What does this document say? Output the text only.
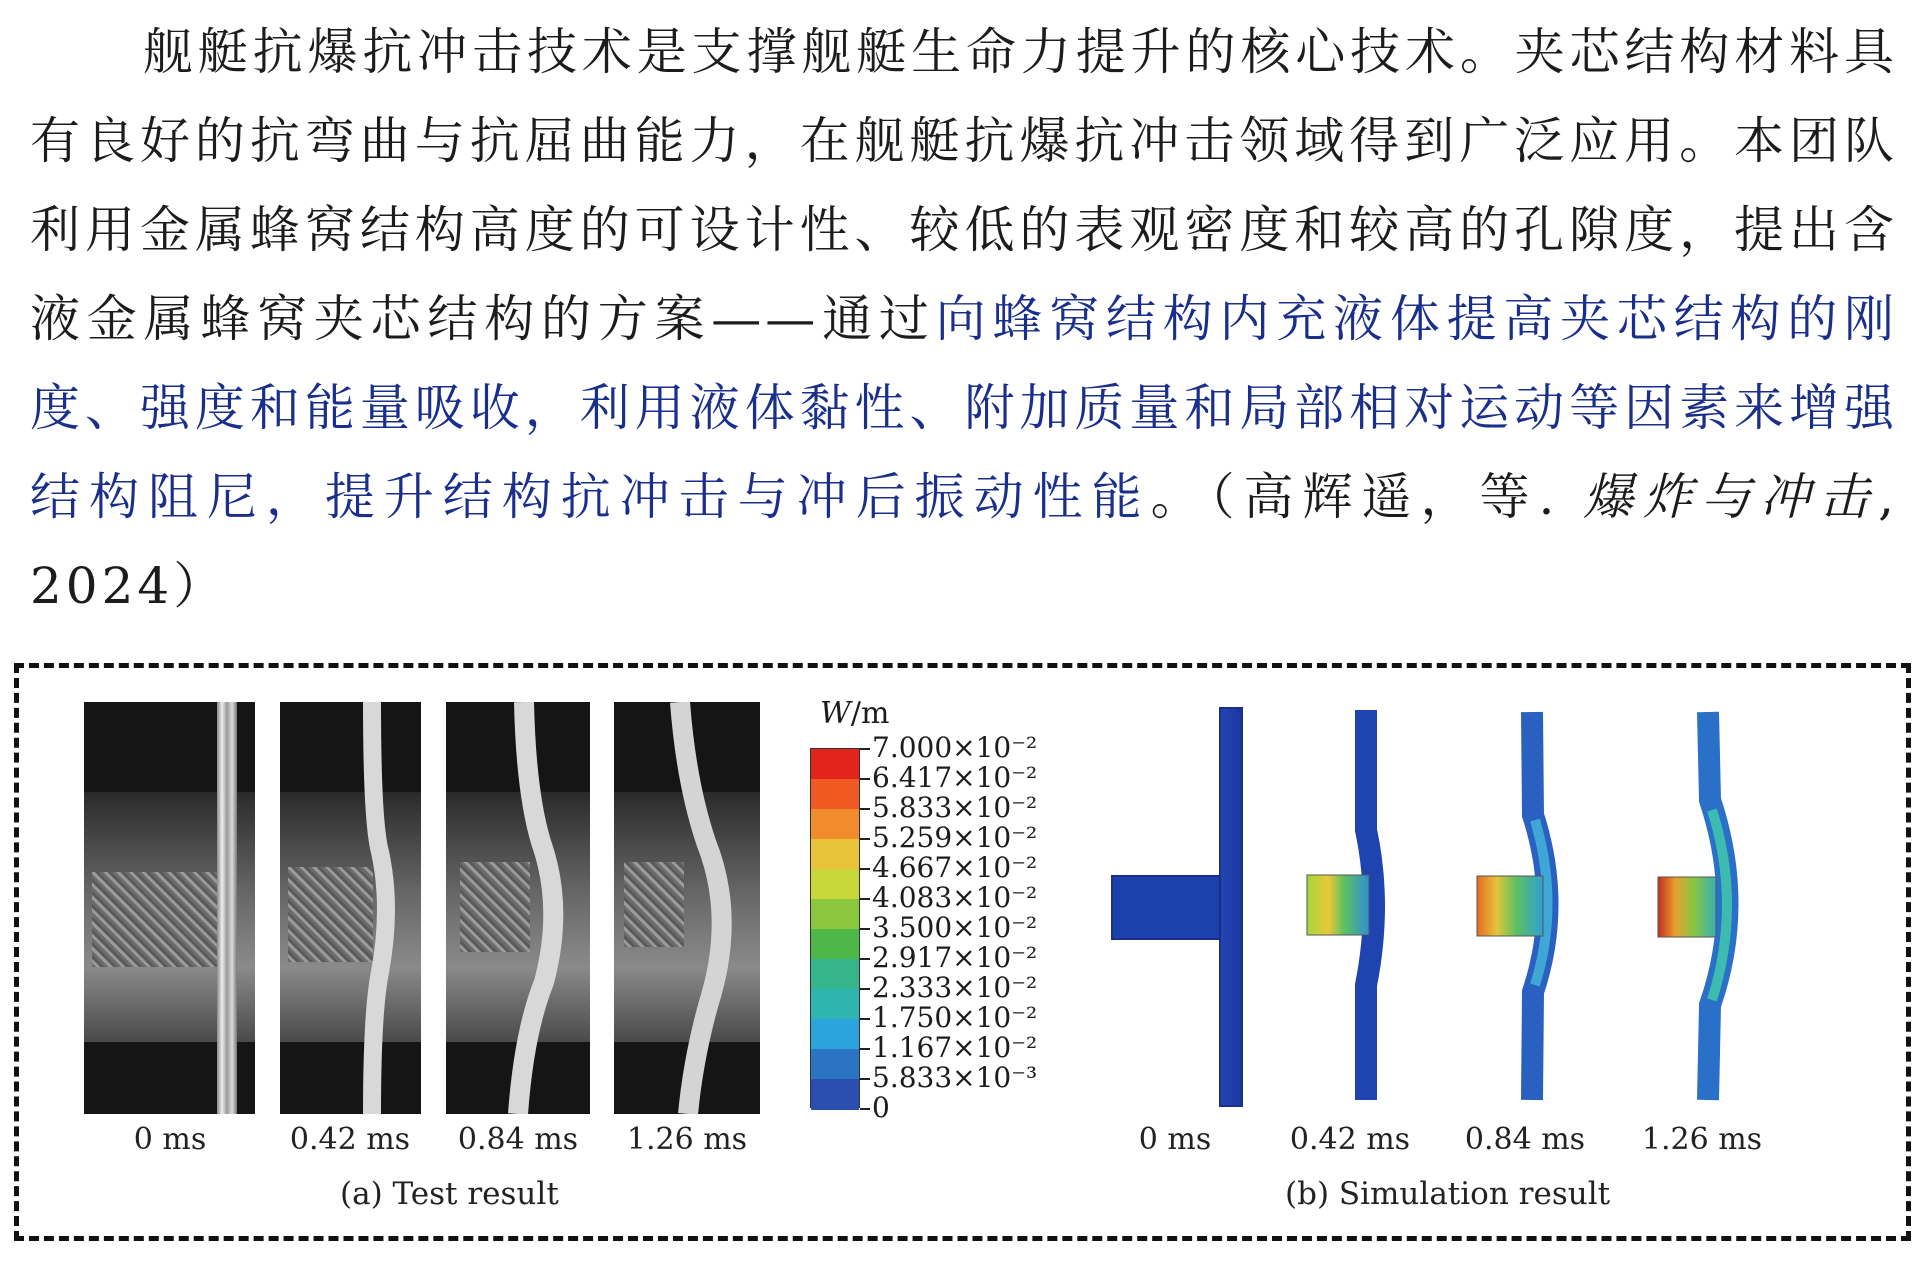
舰艇抗爆抗冲击技术是支撑舰艇生命力提升的核心技术。夹芯结构材料具有良好的抗弯曲与抗屈曲能力，在舰艇抗爆抗冲击领域得到广泛应用。本团队利用金属蜂窝结构高度的可设计性、较低的表观密度和较高的孔隙度，提出含液金属蜂窝夹芯结构的方案——通过向蜂窝结构内充液体提高夹芯结构的刚度、强度和能量吸收，利用液体黏性、附加质量和局部相对运动等因素来增强结构阻尼，提升结构抗冲击与冲后振动性能。（高辉遥，等. 爆炸与冲击, 2024）
0 ms	0.42 ms	0.84 ms	1.26 ms
(a) Test result
W/m
7.000×10⁻²
6.417×10⁻²
5.833×10⁻²
5.259×10⁻²
4.667×10⁻²
4.083×10⁻²
3.500×10⁻²
2.917×10⁻²
2.333×10⁻²
1.750×10⁻²
1.167×10⁻²
5.833×10⁻³
0
0 ms	0.42 ms	0.84 ms	1.26 ms
(b) Simulation result
